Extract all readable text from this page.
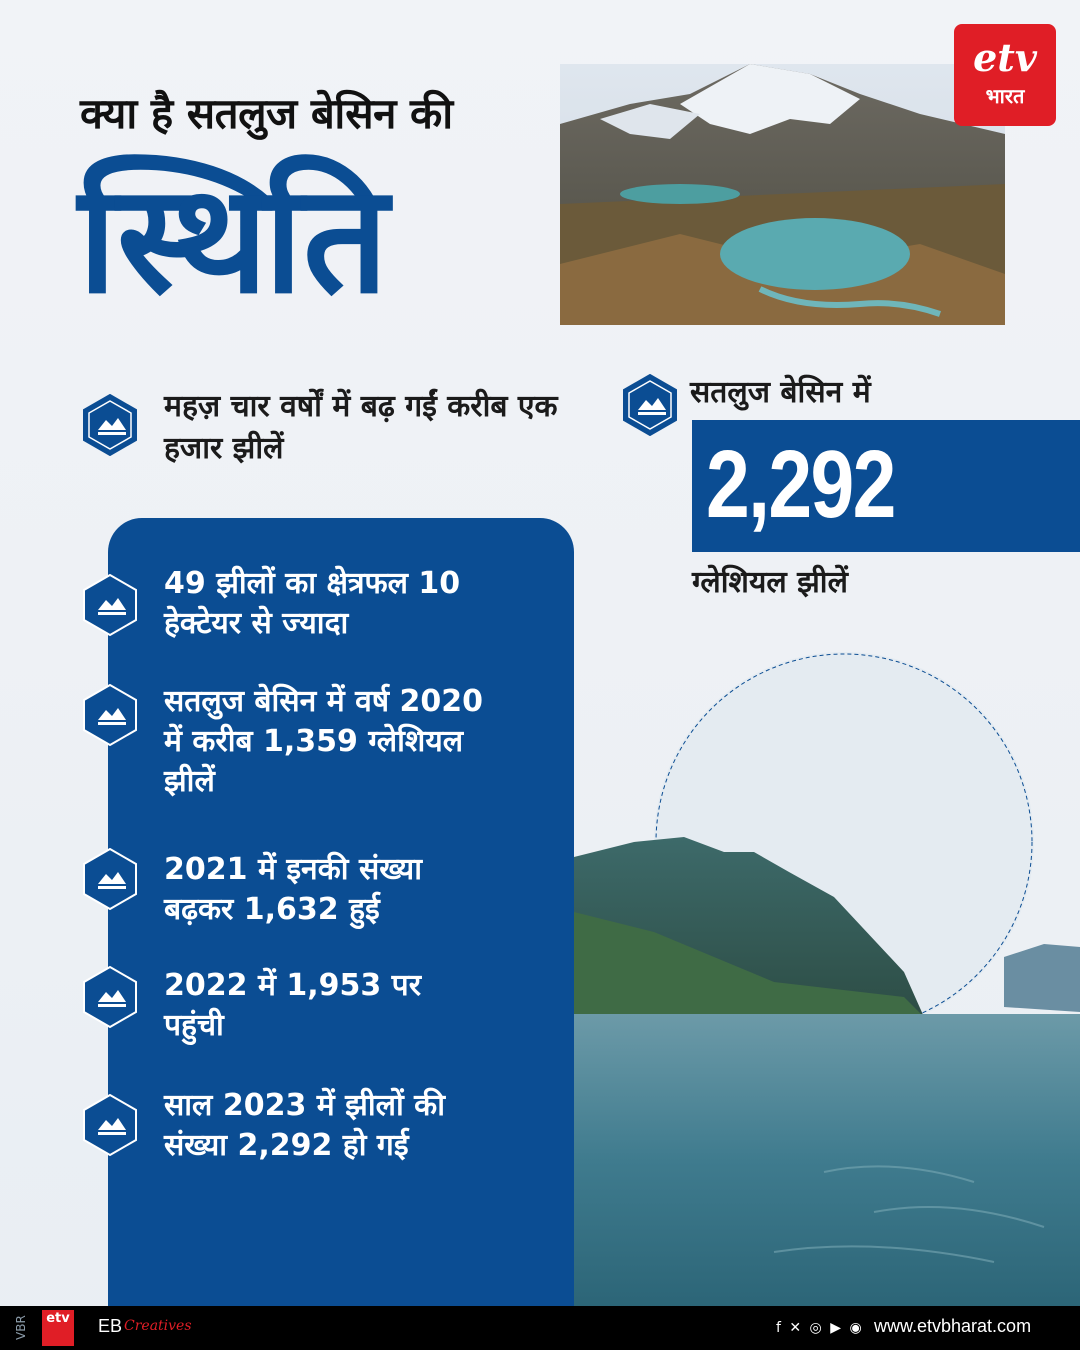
क्या है सतलुज बेसिन की
स्थिति
etv
भारत
महज़ चार वर्षों में बढ़ गईं करीब एक हजार झीलें
सतलुज बेसिन में
2,292
ग्लेशियल झीलें
49 झीलों का क्षेत्रफल 10 हेक्टेयर से ज्यादा
सतलुज बेसिन में वर्ष 2020 में करीब 1,359 ग्लेशियल झीलें
2021 में इनकी संख्या बढ़कर 1,632 हुई
2022 में 1,953 पर पहुंची
साल 2023 में झीलों की संख्या 2,292 हो गई
VBR	etv EB Creatives	f ✕ ◎ ▶ ◉ www.etvbharat.com
